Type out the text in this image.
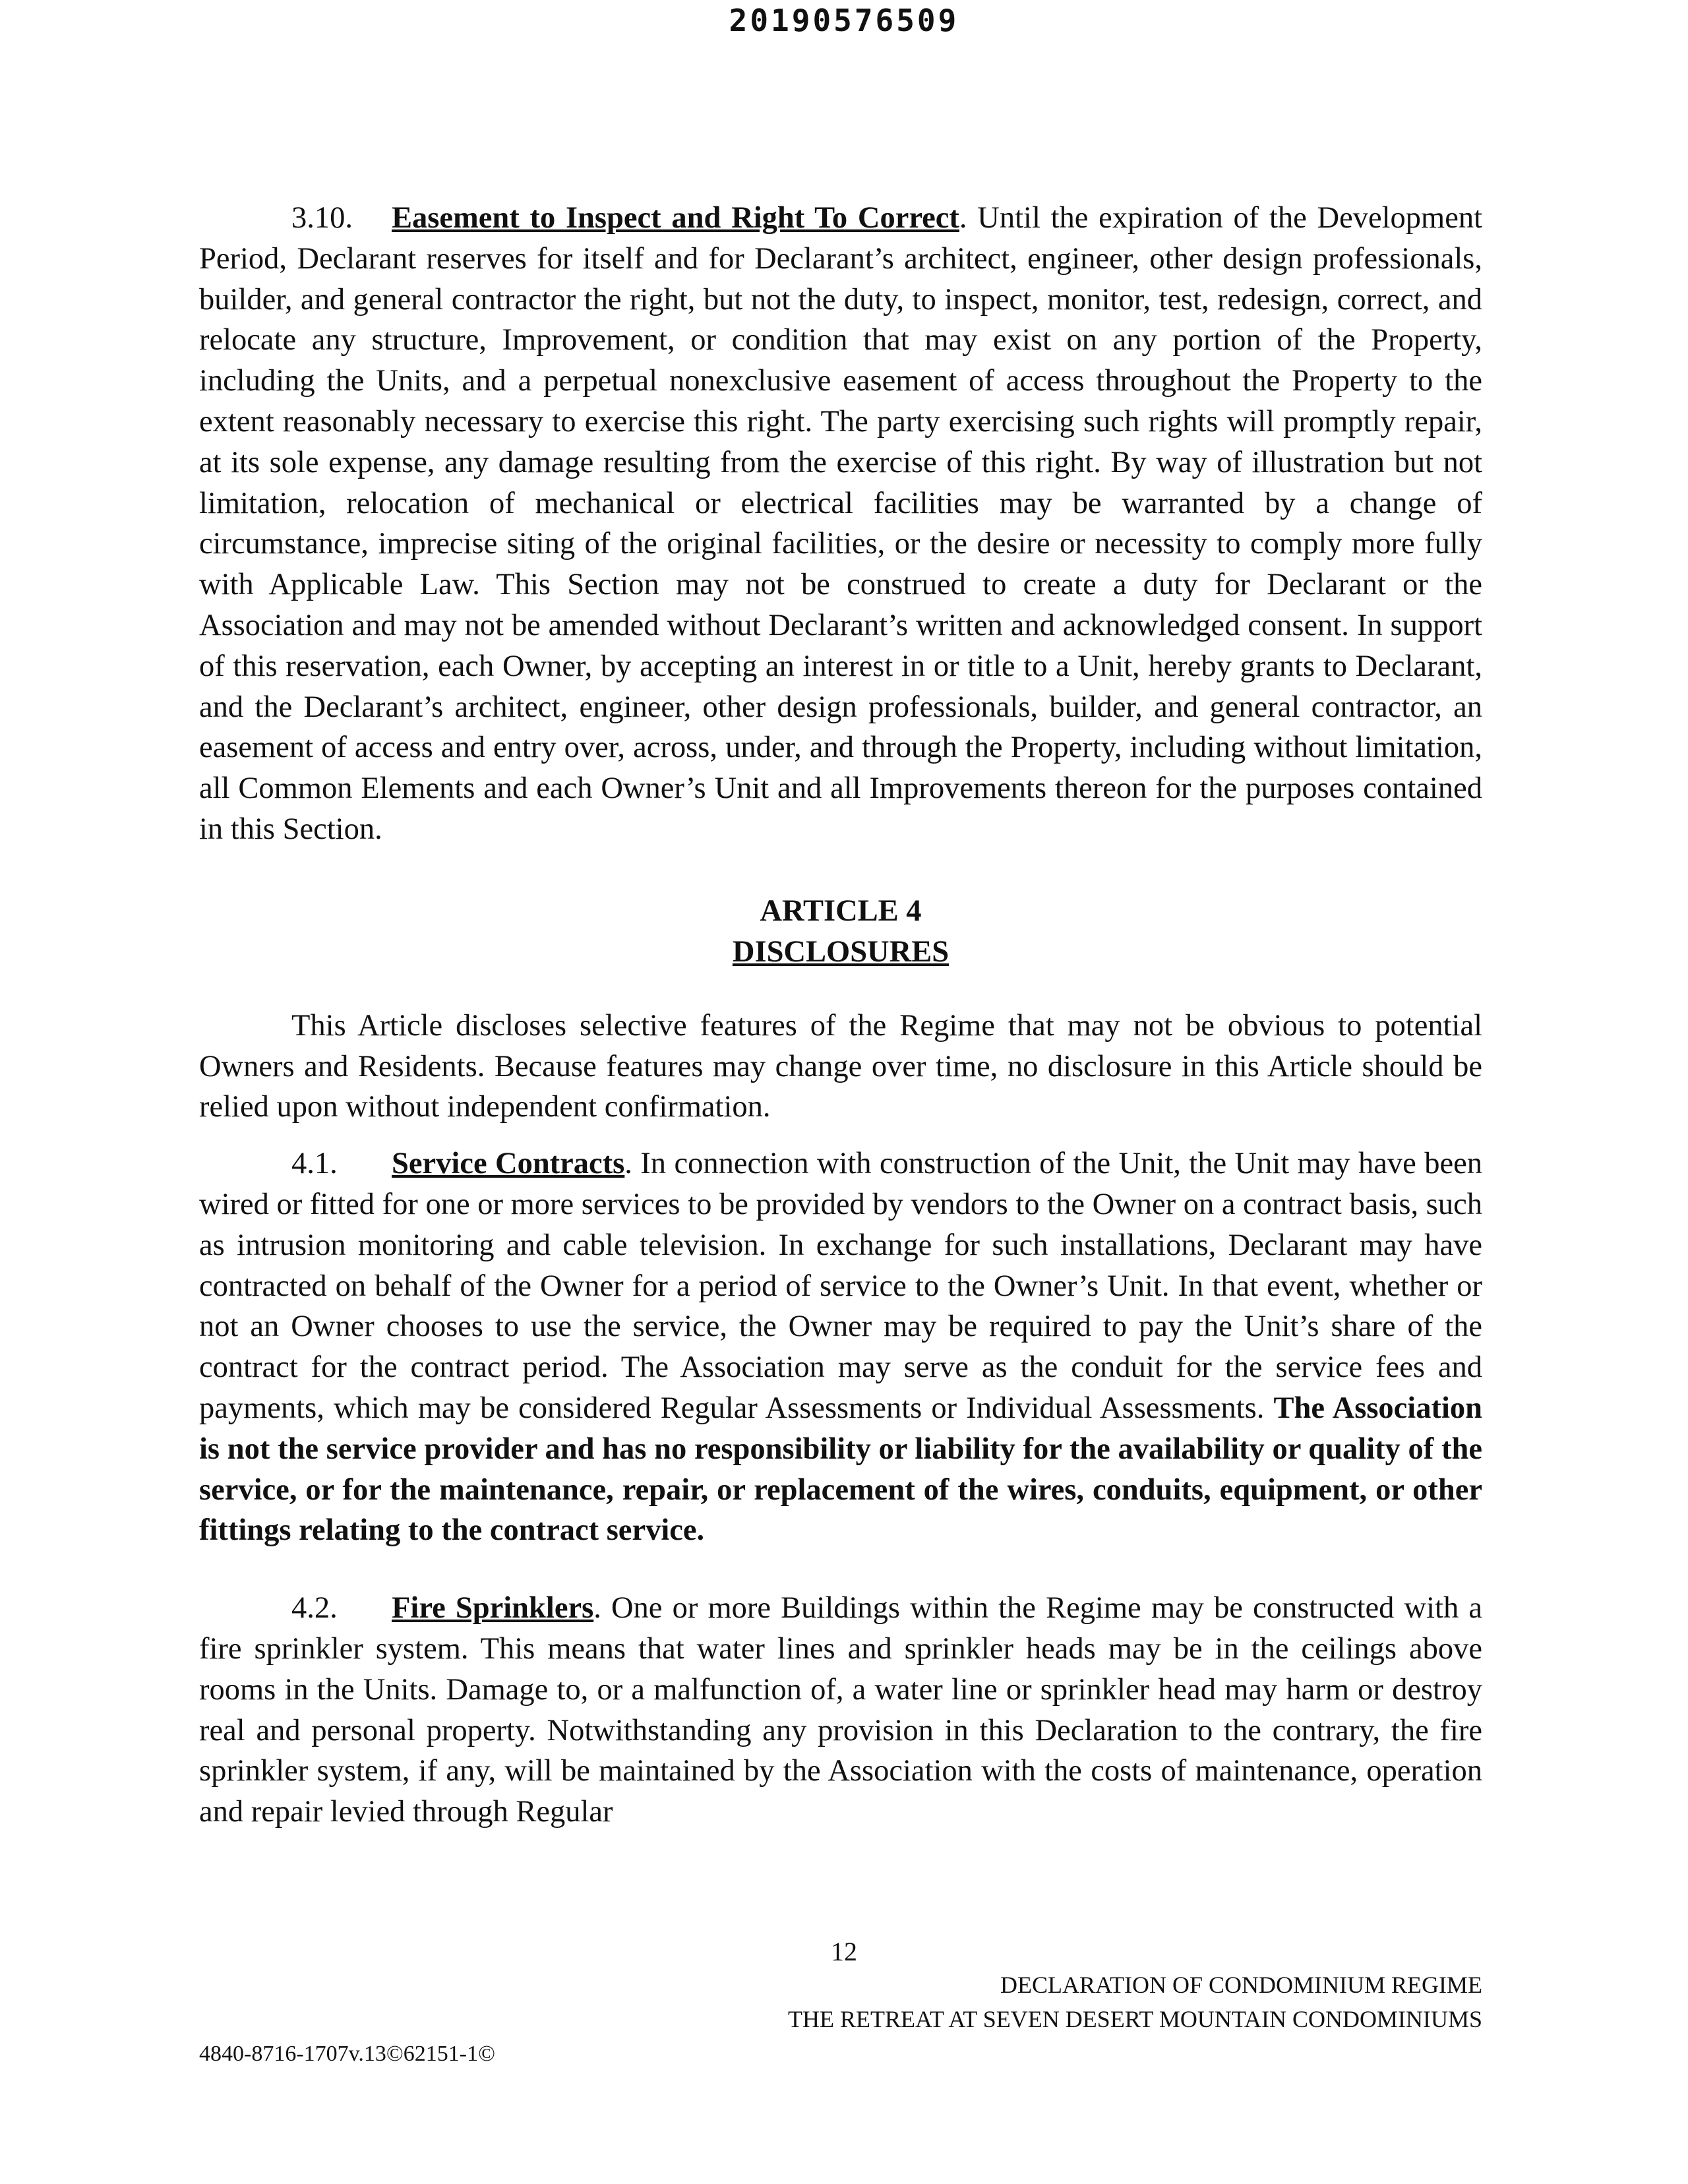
20190576509

3.10. Easement to Inspect and Right To Correct. Until the expiration of the Development Period, Declarant reserves for itself and for Declarant’s architect, engineer, other design professionals, builder, and general contractor the right, but not the duty, to inspect, monitor, test, redesign, correct, and relocate any structure, Improvement, or condition that may exist on any portion of the Property, including the Units, and a perpetual nonexclusive easement of access throughout the Property to the extent reasonably necessary to exercise this right. The party exercising such rights will promptly repair, at its sole expense, any damage resulting from the exercise of this right. By way of illustration but not limitation, relocation of mechanical or electrical facilities may be warranted by a change of circumstance, imprecise siting of the original facilities, or the desire or necessity to comply more fully with Applicable Law. This Section may not be construed to create a duty for Declarant or the Association and may not be amended without Declarant’s written and acknowledged consent. In support of this reservation, each Owner, by accepting an interest in or title to a Unit, hereby grants to Declarant, and the Declarant’s architect, engineer, other design professionals, builder, and general contractor, an easement of access and entry over, across, under, and through the Property, including without limitation, all Common Elements and each Owner’s Unit and all Improvements thereon for the purposes contained in this Section.

ARTICLE 4
DISCLOSURES

This Article discloses selective features of the Regime that may not be obvious to potential Owners and Residents. Because features may change over time, no disclosure in this Article should be relied upon without independent confirmation.

4.1. Service Contracts. In connection with construction of the Unit, the Unit may have been wired or fitted for one or more services to be provided by vendors to the Owner on a contract basis, such as intrusion monitoring and cable television. In exchange for such installations, Declarant may have contracted on behalf of the Owner for a period of service to the Owner’s Unit. In that event, whether or not an Owner chooses to use the service, the Owner may be required to pay the Unit’s share of the contract for the contract period. The Association may serve as the conduit for the service fees and payments, which may be considered Regular Assessments or Individual Assessments. The Association is not the service provider and has no responsibility or liability for the availability or quality of the service, or for the maintenance, repair, or replacement of the wires, conduits, equipment, or other fittings relating to the contract service.

4.2. Fire Sprinklers. One or more Buildings within the Regime may be constructed with a fire sprinkler system. This means that water lines and sprinkler heads may be in the ceilings above rooms in the Units. Damage to, or a malfunction of, a water line or sprinkler head may harm or destroy real and personal property. Notwithstanding any provision in this Declaration to the contrary, the fire sprinkler system, if any, will be maintained by the Association with the costs of maintenance, operation and repair levied through Regular

12
DECLARATION OF CONDOMINIUM REGIME
THE RETREAT AT SEVEN DESERT MOUNTAIN CONDOMINIUMS
4840-8716-1707v.13©62151-1©
